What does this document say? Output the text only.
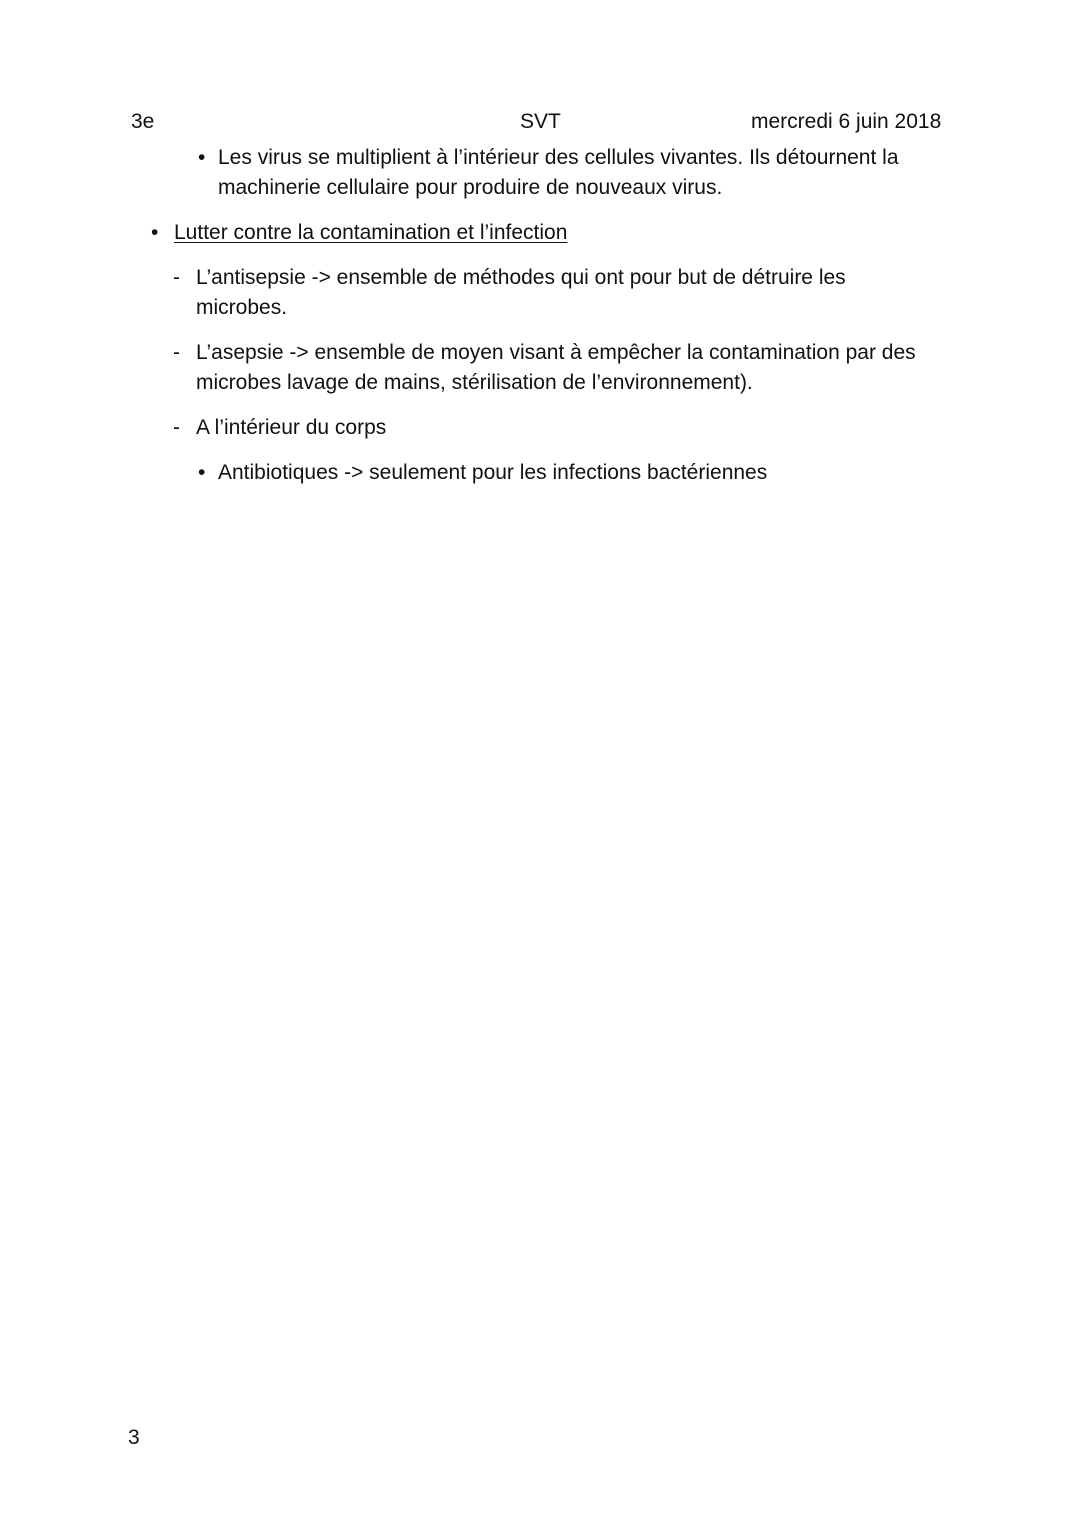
3e	SVT	mercredi 6 juin 2018
• Les virus se multiplient à l’intérieur des cellules vivantes. Ils détournent la machinerie cellulaire pour produire de nouveaux virus.
• Lutter contre la contamination et l’infection
- L’antisepsie -> ensemble de méthodes qui ont pour but de détruire les microbes.
- L’asepsie -> ensemble de moyen visant à empêcher la contamination par des microbes lavage de mains, stérilisation de l’environnement).
- A l’intérieur du corps
• Antibiotiques -> seulement pour les infections bactériennes
3
